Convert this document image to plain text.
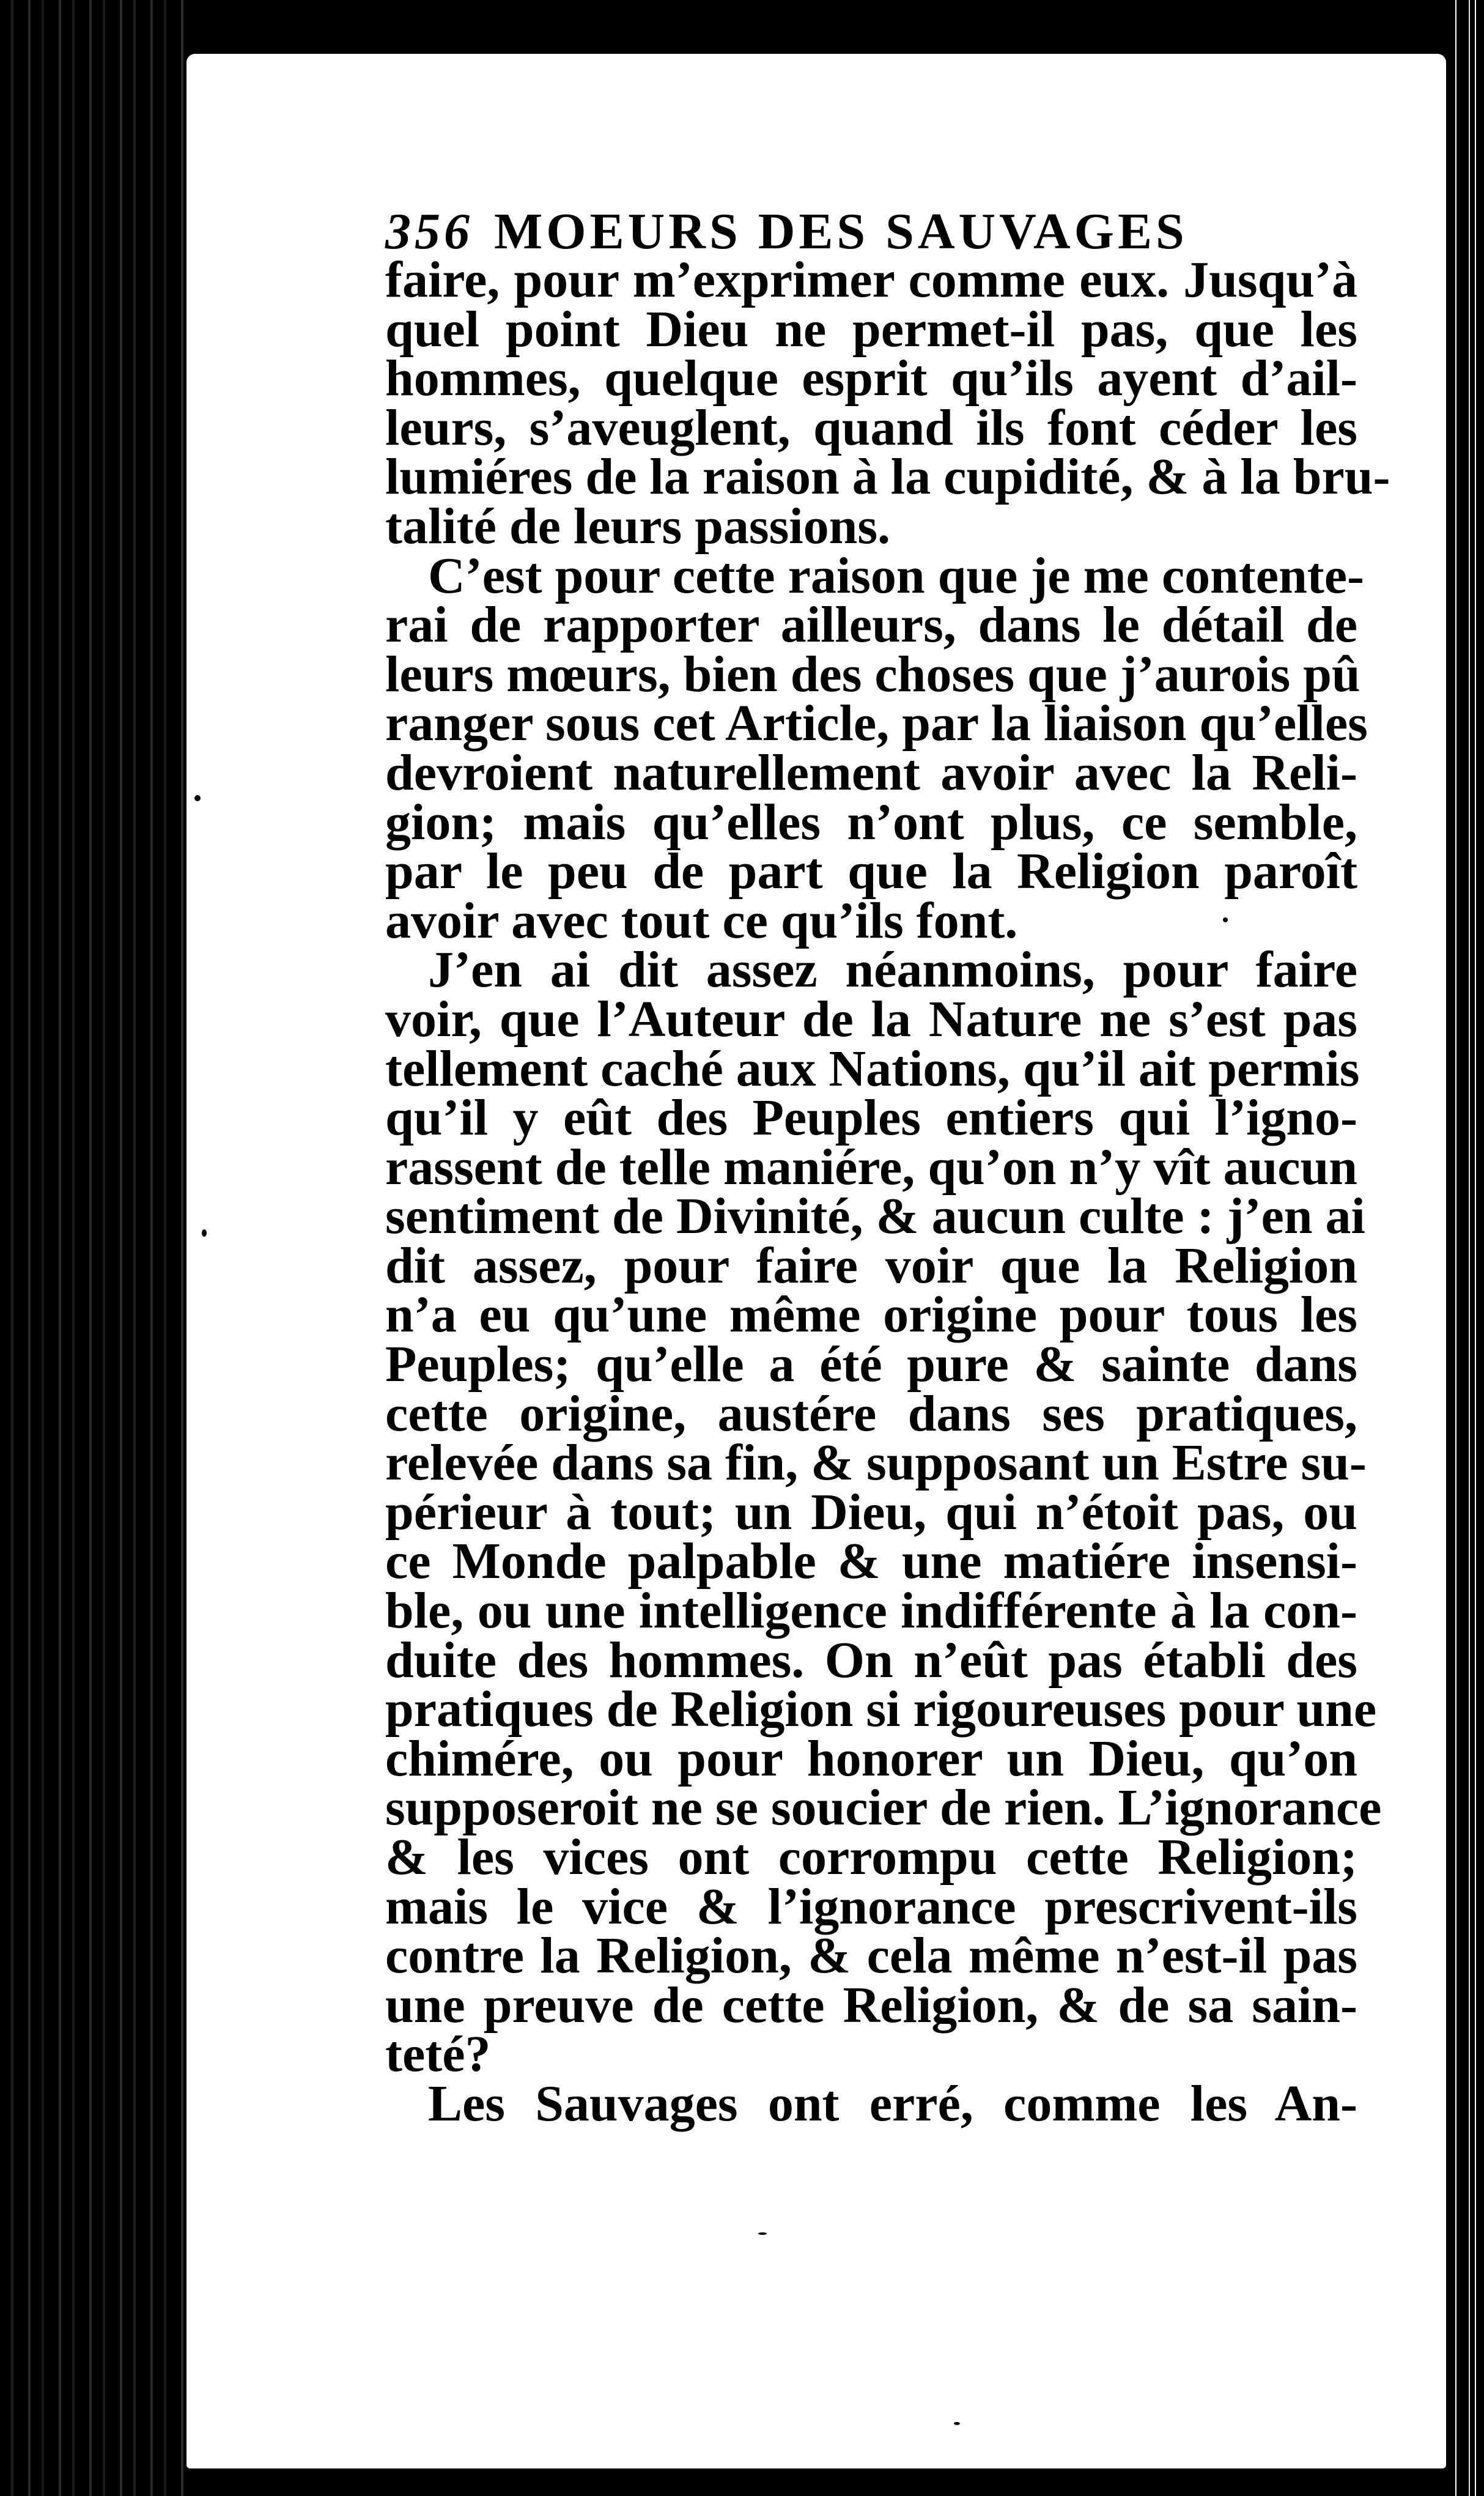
356 MOEURS DES SAUVAGES
faire, pour m’exprimer comme eux. Jusqu’à
quel point Dieu ne permet-il pas, que les
hommes, quelque esprit qu’ils ayent d’ail-
leurs, s’aveuglent, quand ils font céder les
lumiéres de la raison à la cupidité, & à la bru-
talité de leurs passions.
C’est pour cette raison que je me contente-
rai de rapporter ailleurs, dans le détail de
leurs mœurs, bien des choses que j’aurois pû
ranger sous cet Article, par la liaison qu’elles
devroient naturellement avoir avec la Reli-
gion; mais qu’elles n’ont plus, ce semble,
par le peu de part que la Religion paroît
avoir avec tout ce qu’ils font.
J’en ai dit assez néanmoins, pour faire
voir, que l’Auteur de la Nature ne s’est pas
tellement caché aux Nations, qu’il ait permis
qu’il y eût des Peuples entiers qui l’igno-
rassent de telle maniére, qu’on n’y vît aucun
sentiment de Divinité, & aucun culte : j’en ai
dit assez, pour faire voir que la Religion
n’a eu qu’une même origine pour tous les
Peuples; qu’elle a été pure & sainte dans
cette origine, austére dans ses pratiques,
relevée dans sa fin, & supposant un Estre su-
périeur à tout; un Dieu, qui n’étoit pas, ou
ce Monde palpable & une matiére insensi-
ble, ou une intelligence indifférente à la con-
duite des hommes. On n’eût pas établi des
pratiques de Religion si rigoureuses pour une
chimére, ou pour honorer un Dieu, qu’on
supposeroit ne se soucier de rien. L’ignorance
& les vices ont corrompu cette Religion;
mais le vice & l’ignorance prescrivent-ils
contre la Religion, & cela même n’est-il pas
une preuve de cette Religion, & de sa sain-
teté?
Les Sauvages ont erré, comme les An-
